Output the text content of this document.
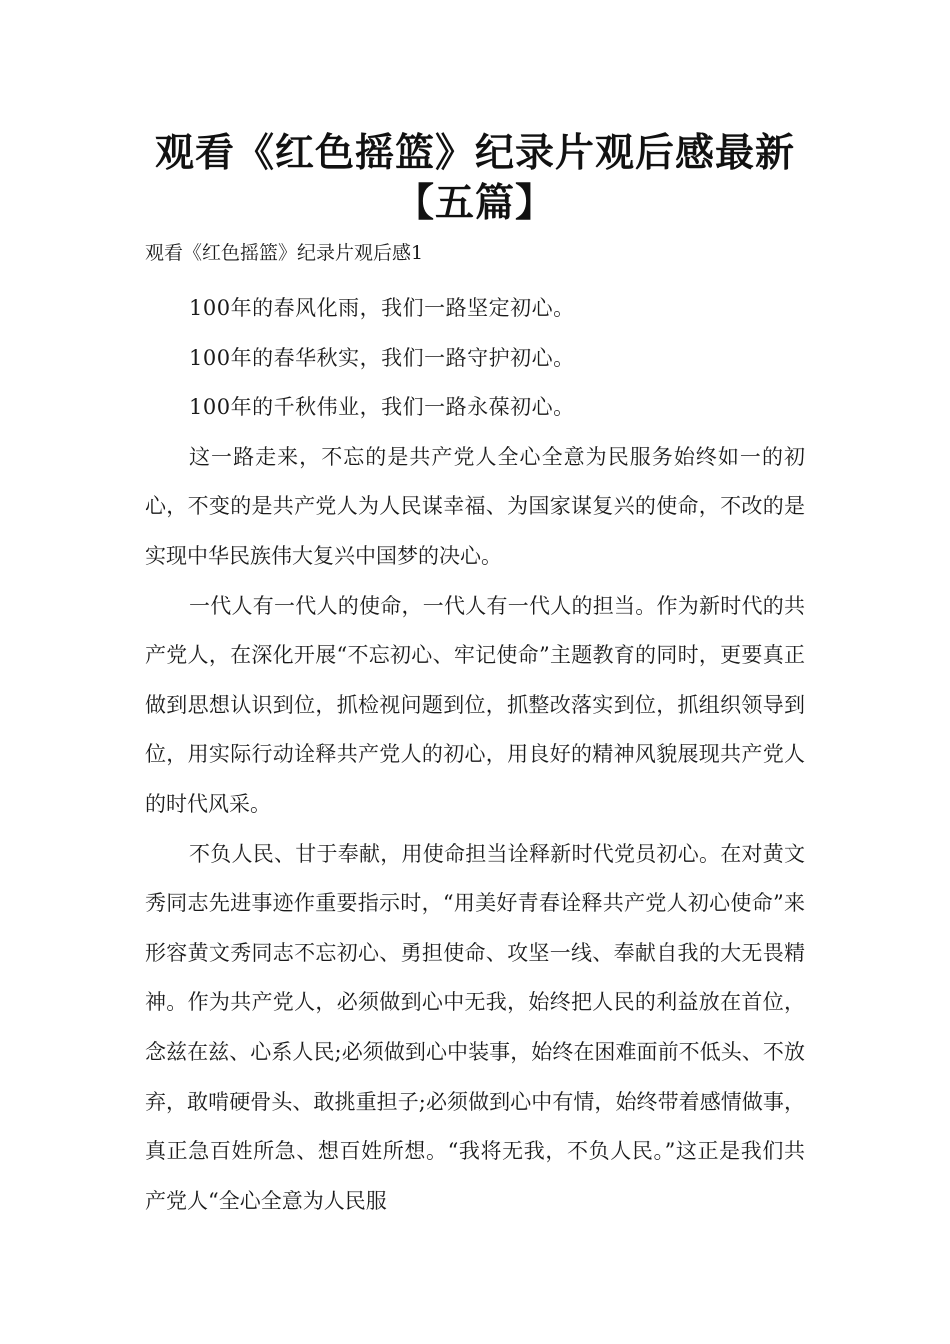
观看《红色摇篮》纪录片观后感最新
【五篇】
观看《红色摇篮》纪录片观后感1

100年的春风化雨，我们一路坚定初心。

100年的春华秋实，我们一路守护初心。

100年的千秋伟业，我们一路永葆初心。

这一路走来，不忘的是共产党人全心全意为民服务始终如一的初心，不变的是共产党人为人民谋幸福、为国家谋复兴的使命，不改的是实现中华民族伟大复兴中国梦的决心。

一代人有一代人的使命，一代人有一代人的担当。作为新时代的共产党人，在深化开展“不忘初心、牢记使命”主题教育的同时，更要真正做到思想认识到位，抓检视问题到位，抓整改落实到位，抓组织领导到位，用实际行动诠释共产党人的初心，用良好的精神风貌展现共产党人的时代风采。

不负人民、甘于奉献，用使命担当诠释新时代党员初心。在对黄文秀同志先进事迹作重要指示时，“用美好青春诠释共产党人初心使命”来形容黄文秀同志不忘初心、勇担使命、攻坚一线、奉献自我的大无畏精神。作为共产党人，必须做到心中无我，始终把人民的利益放在首位，念兹在兹、心系人民;必须做到心中装事，始终在困难面前不低头、不放弃，敢啃硬骨头、敢挑重担子;必须做到心中有情，始终带着感情做事，真正急百姓所急、想百姓所想。“我将无我，不负人民。”这正是我们共产党人“全心全意为人民服
